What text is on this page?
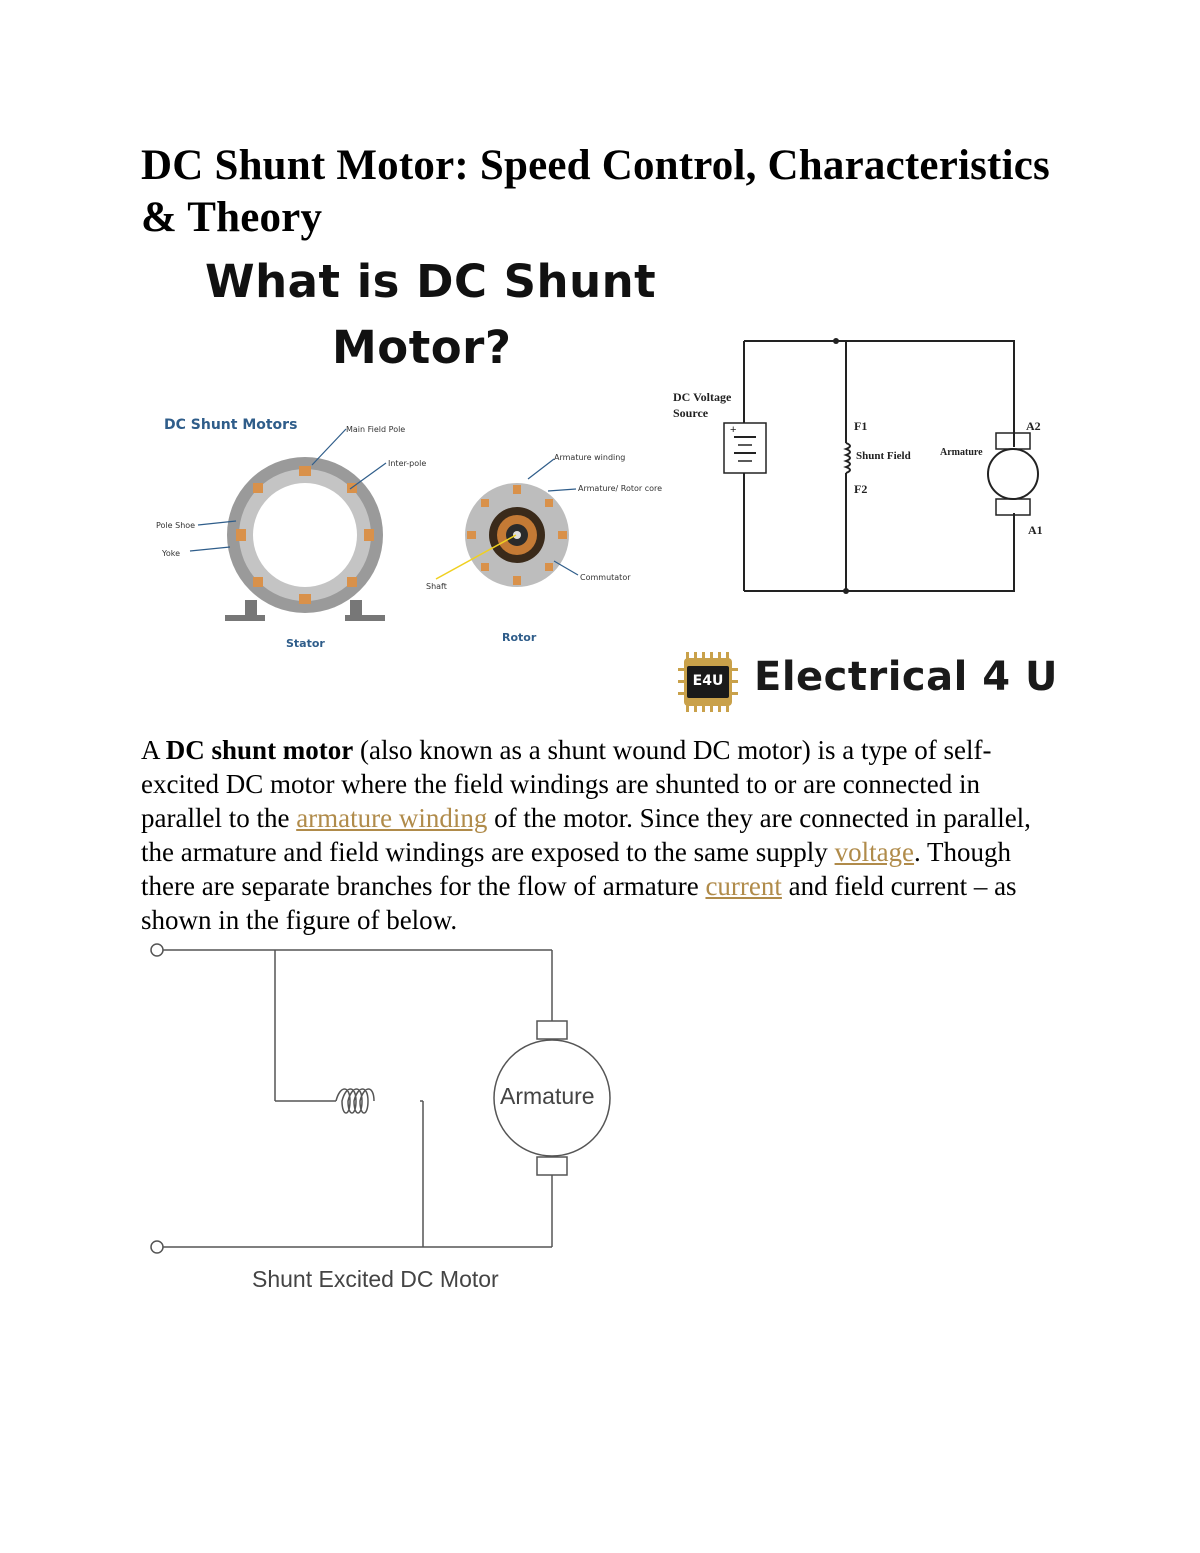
DC Shunt Motor: Speed Control, Characteristics
& Theory
What is DC Shunt
Motor?
DC Shunt Motors	Main Field Pole
Inter-pole
Pole Shoe
Yoke
Stator
Armature winding
Armature/ Rotor core
Commutator
Shaft
Rotor
+
DC Voltage
Source
F1
Shunt Field
F2
Armature
A2
A1
E4U Electrical 4 U

A DC shunt motor (also known as a shunt wound DC motor) is a type of self-excited DC motor where the field windings are shunted to or are connected in parallel to the armature winding of the motor. Since they are connected in parallel, the armature and field windings are exposed to the same supply voltage. Though there are separate branches for the flow of armature current and field current – as shown in the figure of below.

Armature
Shunt Excited DC Motor
